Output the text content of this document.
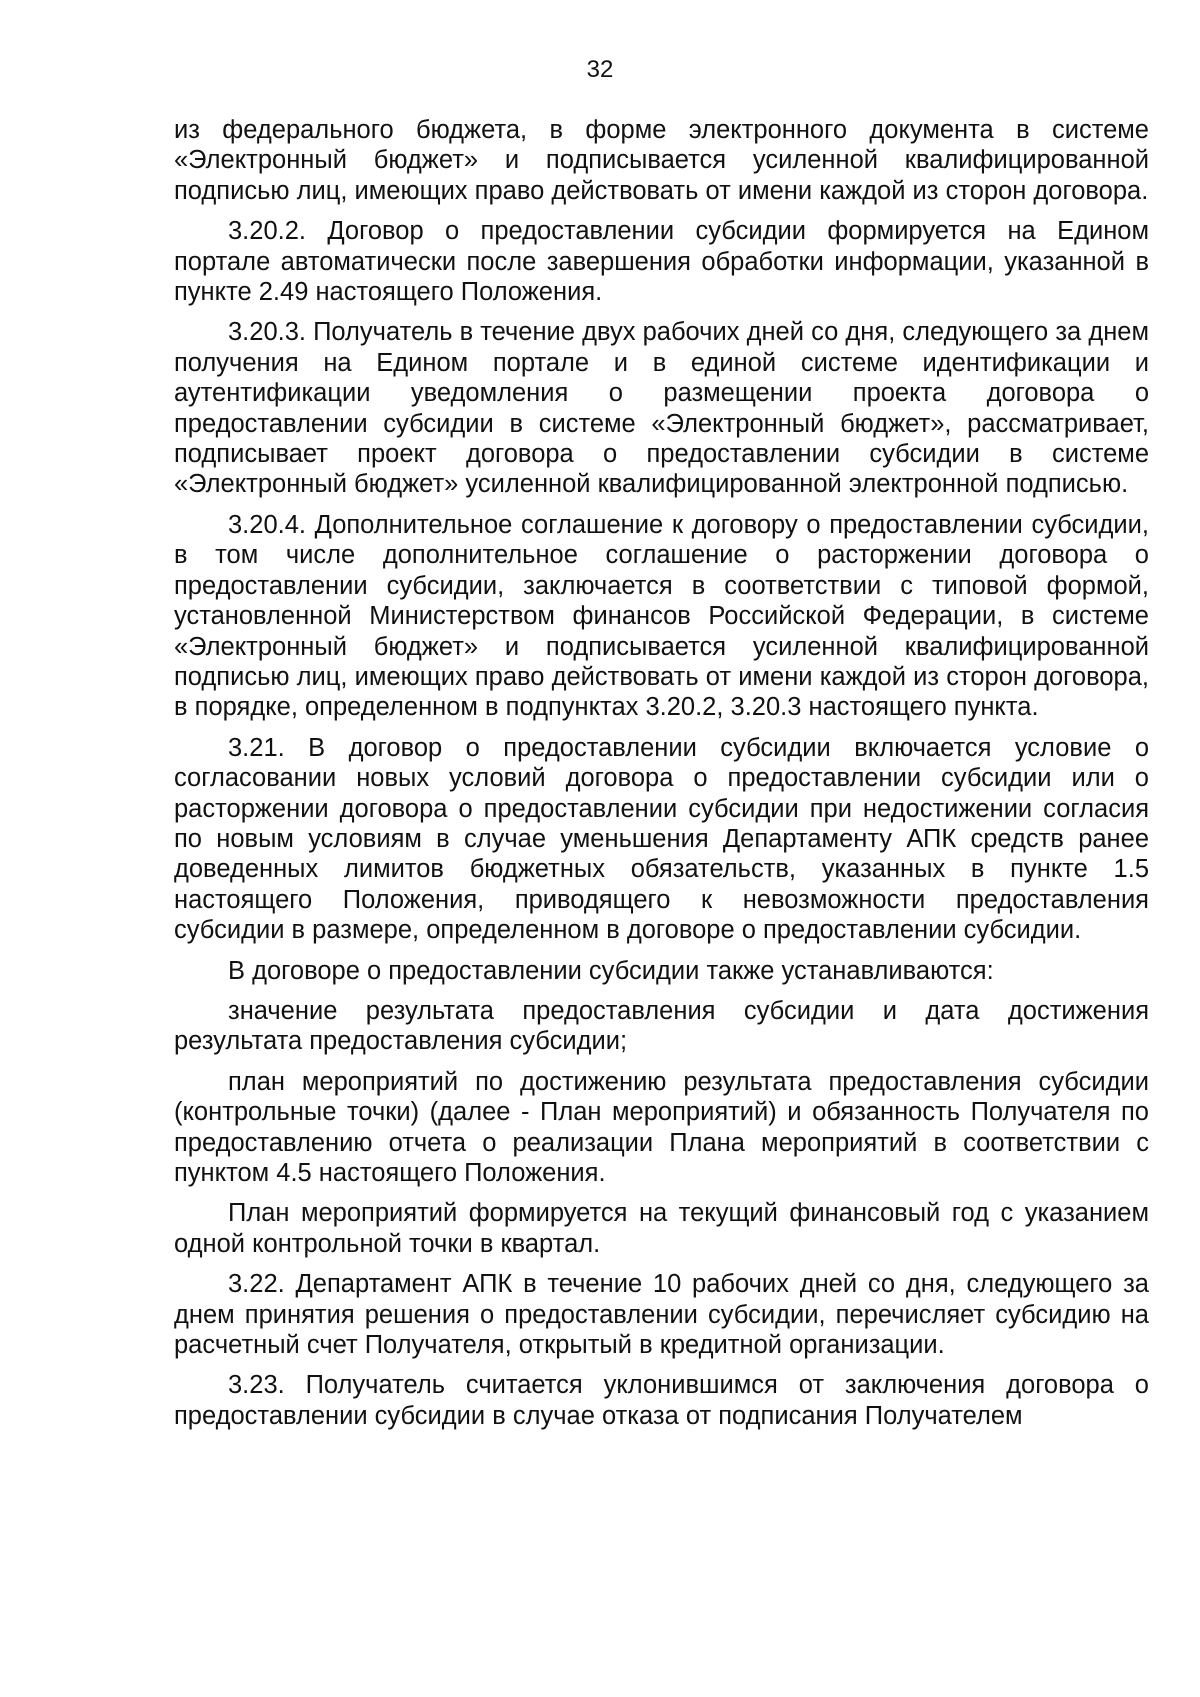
32

из федерального бюджета, в форме электронного документа в системе «Электронный бюджет» и подписывается усиленной квалифицированной подписью лиц, имеющих право действовать от имени каждой из сторон договора.

3.20.2. Договор о предоставлении субсидии формируется на Едином портале автоматически после завершения обработки информации, указанной в пункте 2.49 настоящего Положения.

3.20.3. Получатель в течение двух рабочих дней со дня, следующего за днем получения на Едином портале и в единой системе идентификации и аутентификации уведомления о размещении проекта договора о предоставлении субсидии в системе «Электронный бюджет», рассматривает, подписывает проект договора о предоставлении субсидии в системе «Электронный бюджет» усиленной квалифицированной электронной подписью.

3.20.4. Дополнительное соглашение к договору о предоставлении субсидии, в том числе дополнительное соглашение о расторжении договора о предоставлении субсидии, заключается в соответствии с типовой формой, установленной Министерством финансов Российской Федерации, в системе «Электронный бюджет» и подписывается усиленной квалифицированной подписью лиц, имеющих право действовать от имени каждой из сторон договора, в порядке, определенном в подпунктах 3.20.2, 3.20.3 настоящего пункта.

3.21. В договор о предоставлении субсидии включается условие о согласовании новых условий договора о предоставлении субсидии или о расторжении договора о предоставлении субсидии при недостижении согласия по новым условиям в случае уменьшения Департаменту АПК средств ранее доведенных лимитов бюджетных обязательств, указанных в пункте 1.5 настоящего Положения, приводящего к невозможности предоставления субсидии в размере, определенном в договоре о предоставлении субсидии.

В договоре о предоставлении субсидии также устанавливаются:

значение результата предоставления субсидии и дата достижения результата предоставления субсидии;

план мероприятий по достижению результата предоставления субсидии (контрольные точки) (далее - План мероприятий) и обязанность Получателя по предоставлению отчета о реализации Плана мероприятий в соответствии с пунктом 4.5 настоящего Положения.

План мероприятий формируется на текущий финансовый год с указанием одной контрольной точки в квартал.

3.22. Департамент АПК в течение 10 рабочих дней со дня, следующего за днем принятия решения о предоставлении субсидии, перечисляет субсидию на расчетный счет Получателя, открытый в кредитной организации.

3.23. Получатель считается уклонившимся от заключения договора о предоставлении субсидии в случае отказа от подписания Получателем
